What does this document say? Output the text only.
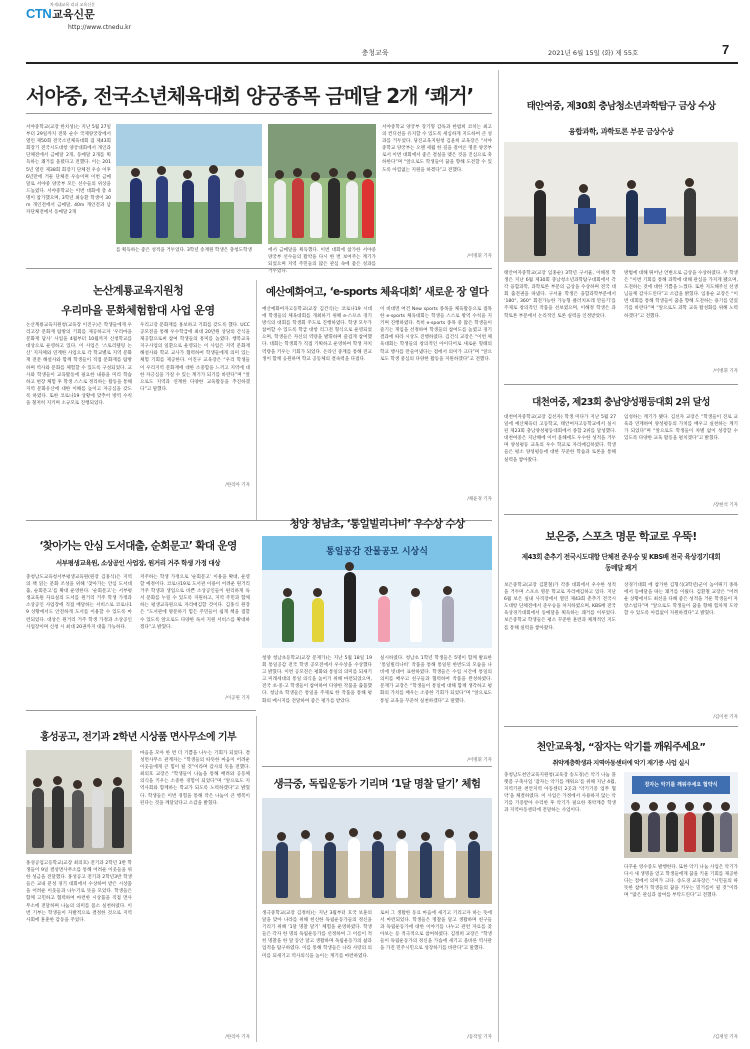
CTN교육신문
차세대교육 리더 교육신문
http://www.ctnedu.kr
충청교육	2021년 6월 15일 (화) 제 55호	7
서야중, 전국소년체육대회 양궁종목 금메달 2개 ‘쾌거’
서야중학교(교장 한치성)는 지난 5월 27일부터 29일까지 전북 순수 국제양궁장에서 열린 제50회 전국소년체육대회 겸 제43회 회장기 전국시도대항 양궁대회에서 개인과 단체전에서 금메달 2개, 동메달 2개를 획득하는 쾌거를 올렸다고 전했다. 이는 2015년 열린 제38회 회장기 단체전 우승 이후 6년만에 거둔 단체전 우승이며 이번 금메달로 서야중 양궁부 모든 선수들의 위상을 드높였다. 서야중학교는 이번 대회에 총 4명이 참가했으며, 3학년 최승환 학생이 30m 개인전에서 금메달, 40m 개인전과 남자단체전에서 동메달 2개
를 획득하는 좋은 성적을 거두었다. 3학년 송재원 학생은 충청도학생	에서 금메달을 획득했다. 이번 대회에 참가한 서야중 양궁부 선수들의 활약을 다시 한 번 보여주는 계기가 되었으며 지역 주민들의 많은 관심 속에 좋은 성과를 거두었다.
서야중학교 양궁부 장기형 감독과 한범희 코치는 최고의 컨디션을 유지할 수 있도록 세심하게 지도하여 큰 성과를 거두었다. 당진교육지원청 김윤희 교육장은 “서야중학교 양궁부는 오랜 세월 한 길을 걸어온 명문 양궁부로서 이번 대회에서 좋은 결실을 맺은 것을 진심으로 축하한다”며 “앞으로도 학생들이 꿈을 향해 도전할 수 있도록 아낌없는 지원을 하겠다”고 전했다.
/이병휘 기자
논산계룡교육지원청
우리마을 문화체험함대 사업 운영
논산계룡교육지원청(교육장 이진구)은 학생들에게 우리고장 문화재 탐방의 기회를 제공하고자 ‘우리마을 문화재 답사’ 사업을 4월부터 10월까지 신청학교를 대상으로 운영하고 있다. 이 사업은 ‘스토리텔링 논산’ 지자체와 연계한 사업으로 각 학교별로 지역 문화재 전문 해설사와 함께 학생들이 직접 문화재를 탐방하며 역사와 문화를 체험할 수 있도록 구성되었다. 교사와 학생들이 교육활동에 필요한 내용을 미리 학습하고 현장 체험 후 학생 스스로 정리하는 활동을 통해 지역 문화유산에 대한 이해를 높이고 자긍심을 갖도록 하였다. 또한 코로나19 상황에 맞추어 방역 수칙을 철저히 지키며 소규모로 진행되었다.
우리고장 문화재를 홍보하고 기회를 갖도록 했다. UCC 공모전을 통해 우수학급에 최대 20만원 상당의 간식을 제공함으로써 참여 학생들의 흥미를 높였다. 행복교육지구사업의 일환으로 운영되는 이 사업은 지역 문화재 해설사와 학교 교사가 협력하여 학생들에게 의미 있는 체험 기회를 제공한다. 이진구 교육장은 “우리 학생들이 우리지역 문화재에 대한 소중함을 느끼고 지역에 대한 자긍심을 가질 수 있는 계기가 되기를 바란다”며 “앞으로도 지역과 연계한 다양한 교육활동을 추진하겠다”고 말했다.
/한리아 기자
예산예화여고, ‘e-sports 체육대회’ 새로운 장 열다
예산예화여자고등학교(교장 김건식)는 코로나19 시대에 학생들의 체육대회를 개최하기 위해 e-스포츠 경기 방식의 대회를 학생회 주도로 진행하였다. 학생 모두가 참여할 수 있도록 학급 대항 리그전 형식으로 운영되었으며, 학생들은 자신의 역량을 발휘하며 즐겁게 참여했다. 대회는 학생회가 직접 기획하고 운영하여 학생 자치역량을 키우는 기회가 되었다. 온라인 중계를 통해 전교생이 함께 응원하며 학교 공동체의 결속력을 다졌다.
이 비대면 여건 New sports 종목을 체육활동으로 접목한 e-sports 체육대회는 학생들 스스로 방역 수칙을 지키며 진행하였다. 특히 e-sports 종목 중 많은 학생들이 즐기는 게임을 선정하여 학생들의 참여도를 높였고 경기 결과에 따라 시상도 진행하였다. 김건식 교장은 “이번 체육대회는 학생들의 창의적인 아이디어로 새로운 형태의 학교 행사를 만들어냈다는 점에서 의미가 크다”며 “앞으로도 학생 중심의 다양한 활동을 지원하겠다”고 전했다.
/채윤경 기자
‘찾아가는 안심 도서대출, 순회문고’ 확대 운영
서부평생교육원, 소상공인 사업장, 원거리 거주 학생 가정 대상
충청남도교육청서부평생교육원(원장 김홍식)은 지역의 책 읽는 문화 조성을 위해 ‘찾아가는 안심 도서대출, 순회문고’를 확대 운영한다. ‘순회문고’는 서부평생교육원 자료실의 도서를 원거리 거주 학생 가정과 소상공인 사업장에 직접 배달하는 서비스로 코로나19 상황에서도 안전하게 도서를 이용할 수 있도록 마련되었다. 대상은 원거리 거주 학생 가정과 소상공인 사업장이며 신청 시 최대 20권까지 대출 가능하다.
저주하는 학생 가정으로 ‘순회문고’ 이용을 확대, 운영할 예정이다. 코로나19로 도서관 이용이 어려운 원거리 거주 학생과 생업으로 바쁜 소상공인들이 편리하게 독서 문화를 누릴 수 있도록 지원하고, 지역 주민과 함께하는 평생교육원으로 자리매김할 것이다. 김홍식 원장은 “도서관에 방문하기 힘든 주민들이 쉽게 책을 접할 수 있도록 앞으로도 다양한 독서 지원 서비스를 확대하겠다”고 밝혔다.
/이공원 기자
청양 청남초, ‘통일빌리나비’ 우수상 수상
통일공감 잔물공모 시상식
청양 청남초등학교(교장 문재가)는 지난 5월 18일 19회 통일공감 전국 학생 공모전에서 우수상을 수상했다고 밝혔다. 이번 공모전은 평화와 통일의 의미를 되새기고 미래세대의 통일 의식을 높이기 위해 마련되었으며, 전국 초·중·고 학생들이 참여하여 다양한 작품을 출품했다. 청남초 학생들은 통일을 주제로 한 작품을 통해 평화의 메시지를 전달하여 좋은 평가를 받았다.
실시하였다. 청남초 1학년 학생들은 5명이 함께 발표한 ‘통일빌리나비’ 작품을 통해 통일된 한반도의 모습을 나비에 빗대어 표현하였다. 학생들은 수업 시간에 통일의 의미를 배우고 친구들과 협력하여 작품을 완성하였다. 문재가 교장은 “학생들이 통일에 대해 함께 생각하고 평화의 가치를 배우는 소중한 기회가 되었다”며 “앞으로도 통일 교육을 꾸준히 실천하겠다”고 말했다.
/이병휘 기자
홍성공고, 전기과 2학년 시상품 면사무소에 기부
홍성공업고등학교(교장 최의호) 전기과 2학년 3반 학생들이 9일 결성면사무소를 통해 어려운 이웃들을 위한 성금을 전달했다. 홍성공고 전기과 2학년3반 학생들은 교내 분성 경기 대회에서 수상하여 받은 시상품을 어려운 이웃들과 나누기로 뜻을 모았다. 학생들은 함께 고민하고 협력하여 마련한 시상품을 직접 면사무소에 전달하며 나눔의 의미를 몸소 실천하였다. 이번 기부는 학생들이 자발적으로 결정한 것으로 지역사회에 훈훈한 감동을 주었다.
마음을 모아 한 번 더 기쁨을 나누는 기회가 되었다. 결성면사무소 관계자는 “학생들의 따뜻한 마음이 어려운 이웃들에게 큰 힘이 될 것”이라며 감사의 뜻을 전했다. 최의호 교장은 “학생들이 나눔을 통해 배려와 공동체 의식을 키우는 소중한 경험이 되었다”며 “앞으로도 지역사회와 함께하는 학교가 되도록 노력하겠다”고 밝혔다. 학생들은 이번 경험을 통해 작은 나눔이 큰 행복이 된다는 것을 깨달았다고 소감을 밝혔다.
/한리아 기자
생극중, 독립운동가 기리며 ‘1달 명찰 달기’ 체험
생극중학교(교장 김정희)는 지난 3월부터 호국 보훈의 달을 맞아 나라를 위해 헌신한 독립운동가들의 정신을 기리기 위해 ‘1달 명찰 달기’ 체험을 운영하였다. 학생들은 각자 한 명의 독립운동가를 선정하여 그 이름이 적힌 명찰을 한 달 동안 달고 생활하며 독립운동가의 삶과 업적을 탐구하였다. 이를 통해 학생들은 나라 사랑의 의미를 되새기고 역사의식을 높이는 계기를 마련하였다.
로써 그 생활한 동료 마음에 새기고 기리고자 하는 뜻에서 마련되었다. 학생들은 명찰을 달고 생활하며 친구들과 독립운동가에 대한 이야기를 나누고 관련 자료를 찾아보는 등 적극적으로 참여하였다. 김정희 교장은 “학생들이 독립운동가의 정신을 가슴에 새기고 올바른 역사관을 가진 민주시민으로 성장하기를 바란다”고 말했다.
/동작일 기자
태안여중, 제30회 충남청소년과학탐구 금상 수상
융합과학, 과학토론 부문 금상수상
태안여자중학교(교장 임홍순) 3학년 구서율, 이해정 학생은 지난 6월 제30회 충남청소년과학탐구대회에서 각각 융합과학, 과학토론 부문의 금상을 수상하며 전국 대회 출전권을 따냈다. 구서율 학생은 융합과학부문에서 ‘180°, 360° 회전가능한 가능형 클러치프레 만들기’를 주제로 창의적인 작품을 선보였으며, 이해정 학생은 과학토론 부문에서 논리적인 토론 실력을 인정받았다.
방법에 대해 뛰어난 언변으로 금상을 수상하였다. 두 학생은 “이번 기회를 통해 과학에 대해 관심을 가지게 됐으며, 도전하는 것에 대한 기쁨을 느꼈다. 또한 지도해주신 선생님들께 감사드린다”고 소감을 밝혔다. 임홍순 교장은 “이번 대회를 통해 학생들이 꿈을 향해 도전하는 용기를 얻었기를 바란다”며 “앞으로도 과학 교육 활성화를 위해 노력하겠다”고 전했다.
/이병휘 기자
대천여중, 제23회 충남양성평등대회 2위 달성
대천여자중학교(교장 김선자) 학생 미다가 지난 5월 27일에 예산체육터 고등학교, 태안여자고등학교에서 실시된 제23회 충남양성평등대회에서 종합 2위를 달성했다. 대천여중은 지난해에 이어 올해에도 우수한 성적을 거두며 양성평등 교육의 우수 학교로 자리매김하였다. 학생들은 평소 양성평등에 대한 꾸준한 학습과 토론을 통해 실력을 쌓아왔다.
임성하는 계기가 됐다. 김선자 교장은 “학생들이 진로 교육과 연계하여 양성평등의 가치를 배우고 실천하는 계기가 되었다”며 “앞으로도 학생들이 차별 없이 성장할 수 있도록 다양한 교육 활동을 펼치겠다”고 밝혔다.
/장현석 기자
보은중, 스포츠 명문 학교로 우뚝!
제43회 춘추기 전국시도대항 단체전 준우승 및 KBS배 전국 육상경기대회 동메달 쾌거
보은중학교(교장 김환철)가 각종 대회에서 우수한 성적을 거두며 스포츠 명문 학교로 자리매김하고 있다. 지난 6월 보은 실내 사격장에서 열린 제43회 춘추기 전국시도대항 단체전에서 준우승을 차지하였으며, KBS배 전국 육상경기대회에서 동메달을 획득하는 쾌거를 이루었다. 보은중학교 학생들은 평소 꾸준한 훈련과 체계적인 지도를 통해 실력을 쌓아왔다.
상경기대회 에 참가한 김형식(3학년)군이 높이뛰기 종목에서 동메달을 따는 쾌거를 이뤘다. 김환철 교장은 “어려운 상황에서도 최선을 다해 좋은 성적을 거둔 학생들이 자랑스럽다”며 “앞으로도 학생들이 꿈을 향해 힘차게 도약할 수 있도록 아낌없이 지원하겠다”고 밝혔다.
/김이천 기자
천안교육청, “잠자는 악기를 깨워주세요”
취약계층학생과 지역아동센터에 악기 재기증 사업 실시
충청남도천안교육지원청(교육장 송도경)은 악기 나눔 플랫폼 구축사업 ‘잠자는 악기를 깨워요’를 위해 지난 4월, 지역기관 천안지역 아동센터 2곳과 ‘악기기증 업무 협약’을 체결하였다. 이 사업은 가정에서 사용하지 않는 악기를 기증받아 수리한 후 악기가 필요한 취약계층 학생과 지역아동센터에 전달하는 사업이다.
잠자는 악기를 깨워주세요 협약식
다꾸운 영수증도 발행한다. 또한 악기 나눔 사업은 악기가 다시 새 생명을 얻고 학생들에게 꿈을 키울 기회를 제공한다는 점에서 의미가 크다. 송도경 교육장은 “시민들의 따뜻한 참여가 학생들의 꿈을 키우는 밑거름이 될 것”이라며 “많은 관심과 참여를 부탁드린다”고 전했다.
/김재연 기자
